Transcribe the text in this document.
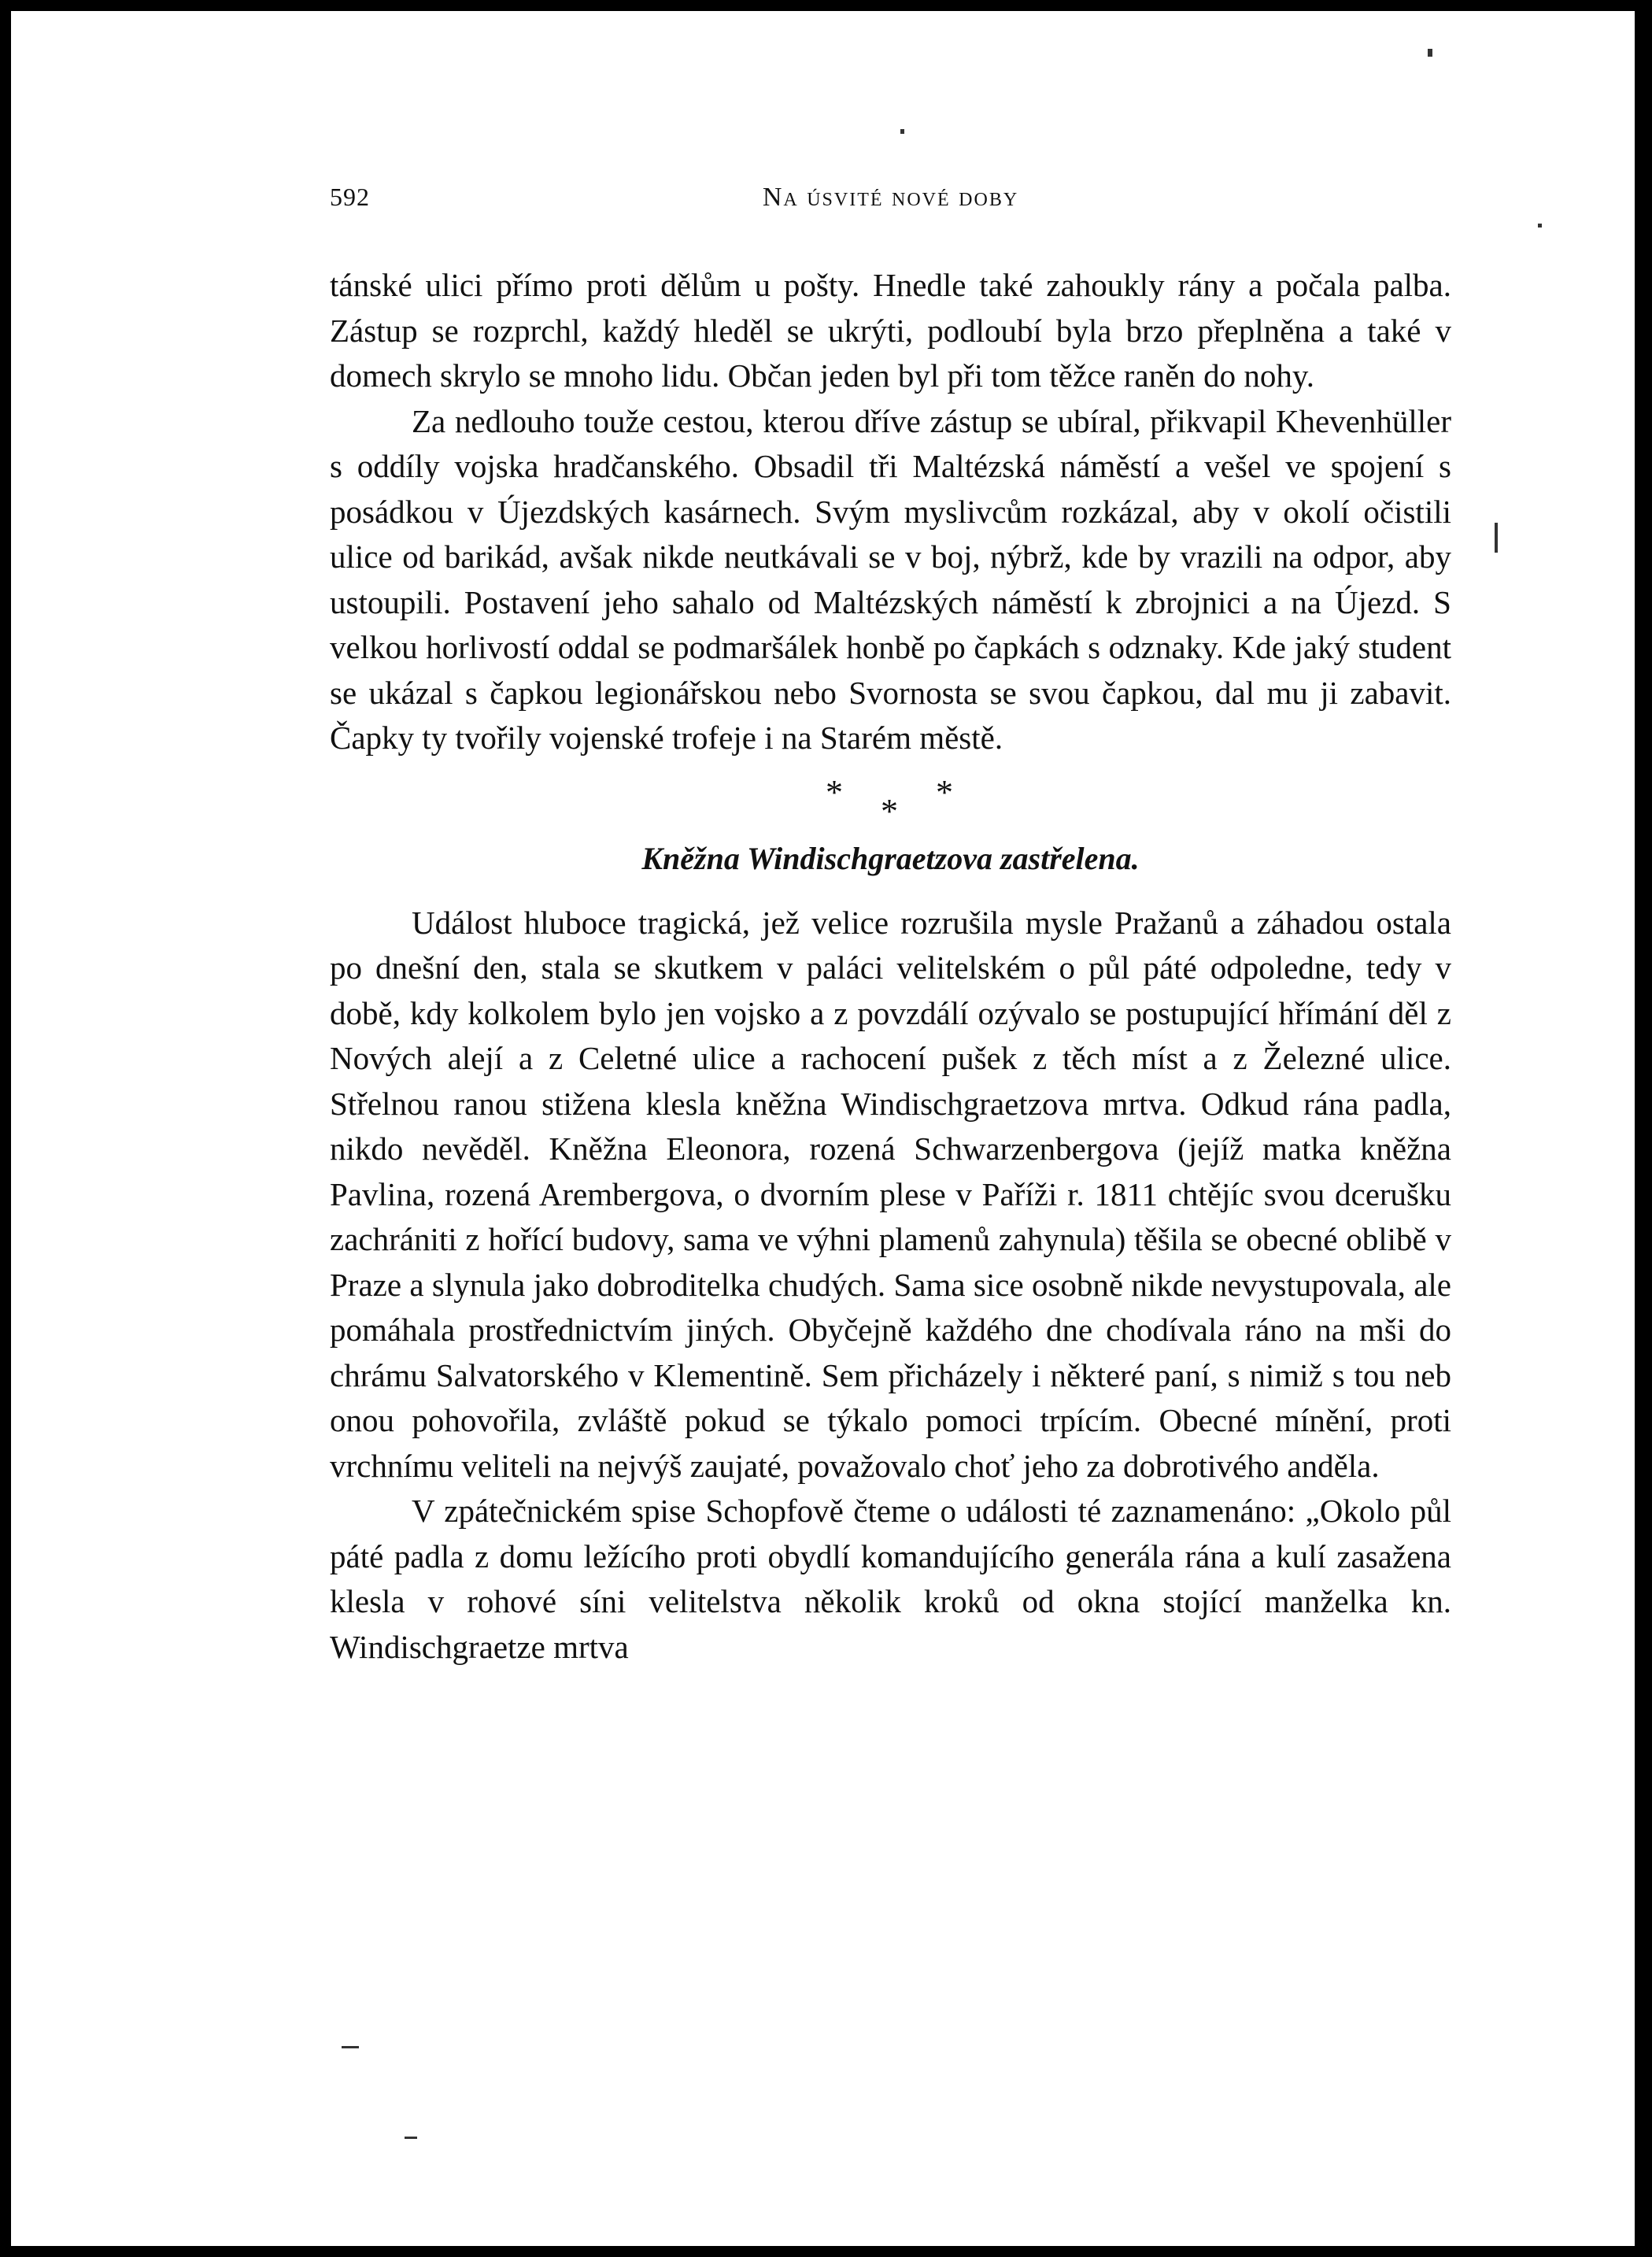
592	Na úsvité nové doby

tánské ulici přímo proti dělům u pošty. Hnedle také zahoukly rány a počala palba. Zástup se rozprchl, každý hleděl se ukrýti, podloubí byla brzo přeplněna a také v domech skrylo se mnoho lidu. Občan jeden byl při tom těžce raněn do nohy.

Za nedlouho touže cestou, kterou dříve zástup se ubíral, přikvapil Khevenhüller s oddíly vojska hradčanského. Obsadil tři Maltézská náměstí a vešel ve spojení s posádkou v Újezdských kasárnech. Svým myslivcům rozkázal, aby v okolí očistili ulice od barikád, avšak nikde neutkávali se v boj, nýbrž, kde by vrazili na odpor, aby ustoupili. Postavení jeho sahalo od Maltézských náměstí k zbrojnici a na Újezd. S velkou horlivostí oddal se podmaršálek honbě po čapkách s odznaky. Kde jaký student se ukázal s čapkou legionářskou nebo Svornosta se svou čapkou, dal mu ji zabavit. Čapky ty tvořily vojenské trofeje i na Starém městě.

* * *
Kněžna Windischgraetzova zastřelena.

Událost hluboce tragická, jež velice rozrušila mysle Pražanů a záhadou ostala po dnešní den, stala se skutkem v paláci velitelském o půl páté odpoledne, tedy v době, kdy kolkolem bylo jen vojsko a z povzdálí ozývalo se postupující hřímání děl z Nových alejí a z Celetné ulice a rachocení pušek z těch míst a z Železné ulice. Střelnou ranou stižena klesla kněžna Windischgraetzova mrtva. Odkud rána padla, nikdo nevěděl. Kněžna Eleonora, rozená Schwarzenbergova (jejíž matka kněžna Pavlina, rozená Arembergova, o dvorním plese v Paříži r. 1811 chtějíc svou dcerušku zachrániti z hořící budovy, sama ve výhni plamenů zahynula) těšila se obecné oblibě v Praze a slynula jako dobroditelka chudých. Sama sice osobně nikde nevystupovala, ale pomáhala prostřednictvím jiných. Obyčejně každého dne chodívala ráno na mši do chrámu Salvatorského v Klementině. Sem přicházely i některé paní, s nimiž s tou neb onou pohovořila, zvláště pokud se týkalo pomoci trpícím. Obecné mínění, proti vrchnímu veliteli na nejvýš zaujaté, považovalo choť jeho za dobrotivého anděla.

V zpátečnickém spise Schopfově čteme o události té zaznamenáno: „Okolo půl páté padla z domu ležícího proti obydlí komandujícího generála rána a kulí zasažena klesla v rohové síni velitelstva několik kroků od okna stojící manželka kn. Windischgraetze mrtva
